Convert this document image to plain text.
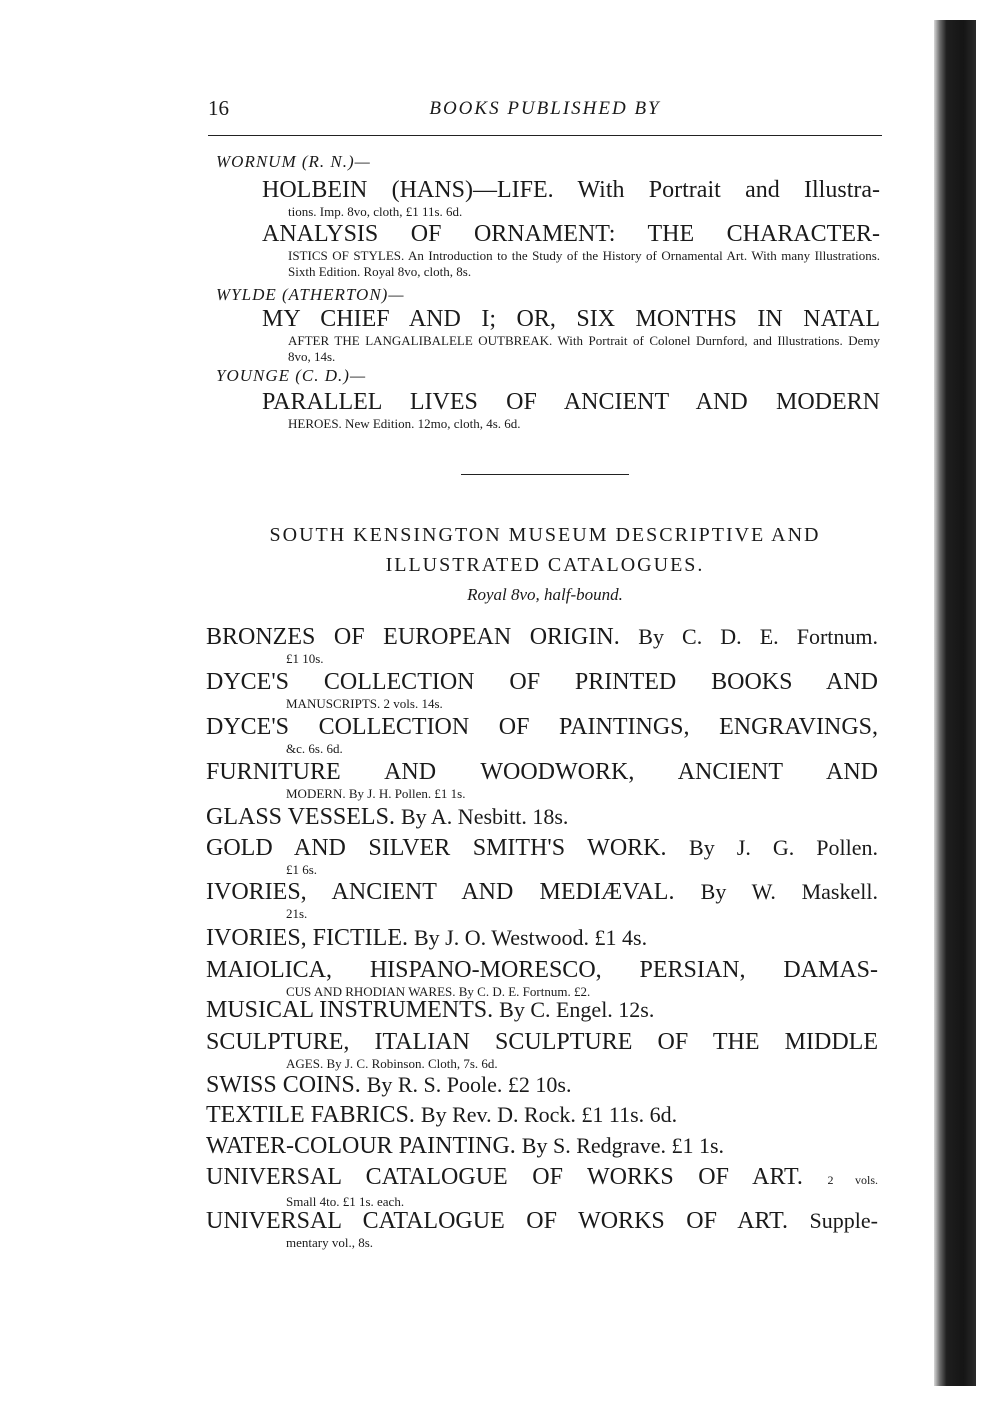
16	BOOKS PUBLISHED BY
WORNUM (R. N.)—
HOLBEIN (HANS)—LIFE. With Portrait and Illustra-
tions. Imp. 8vo, cloth, £1 11s. 6d.
ANALYSIS OF ORNAMENT: THE CHARACTER-
ISTICS OF STYLES. An Introduction to the Study of the History of Ornamental Art. With many Illustrations. Sixth Edition. Royal 8vo, cloth, 8s.
WYLDE (ATHERTON)—
MY CHIEF AND I; OR, SIX MONTHS IN NATAL
AFTER THE LANGALIBALELE OUTBREAK. With Portrait of Colonel Durnford, and Illustrations. Demy 8vo, 14s.
YOUNGE (C. D.)—
PARALLEL LIVES OF ANCIENT AND MODERN
HEROES. New Edition. 12mo, cloth, 4s. 6d.
SOUTH KENSINGTON MUSEUM DESCRIPTIVE AND
ILLUSTRATED CATALOGUES.
Royal 8vo, half-bound.
BRONZES OF EUROPEAN ORIGIN. By C. D. E. Fortnum.
£1 10s.
DYCE'S COLLECTION OF PRINTED BOOKS AND
MANUSCRIPTS. 2 vols. 14s.
DYCE'S COLLECTION OF PAINTINGS, ENGRAVINGS,
&c. 6s. 6d.
FURNITURE AND WOODWORK, ANCIENT AND
MODERN. By J. H. Pollen. £1 1s.
GLASS VESSELS. By A. Nesbitt. 18s.
GOLD AND SILVER SMITH'S WORK. By J. G. Pollen.
£1 6s.
IVORIES, ANCIENT AND MEDIÆVAL. By W. Maskell.
21s.
IVORIES, FICTILE. By J. O. Westwood. £1 4s.
MAIOLICA, HISPANO-MORESCO, PERSIAN, DAMAS-
CUS AND RHODIAN WARES. By C. D. E. Fortnum. £2.
MUSICAL INSTRUMENTS. By C. Engel. 12s.
SCULPTURE, ITALIAN SCULPTURE OF THE MIDDLE
AGES. By J. C. Robinson. Cloth, 7s. 6d.
SWISS COINS. By R. S. Poole. £2 10s.
TEXTILE FABRICS. By Rev. D. Rock. £1 11s. 6d.
WATER-COLOUR PAINTING. By S. Redgrave. £1 1s.
UNIVERSAL CATALOGUE OF WORKS OF ART. 2 vols.
Small 4to. £1 1s. each.
UNIVERSAL CATALOGUE OF WORKS OF ART. Supple-
mentary vol., 8s.
